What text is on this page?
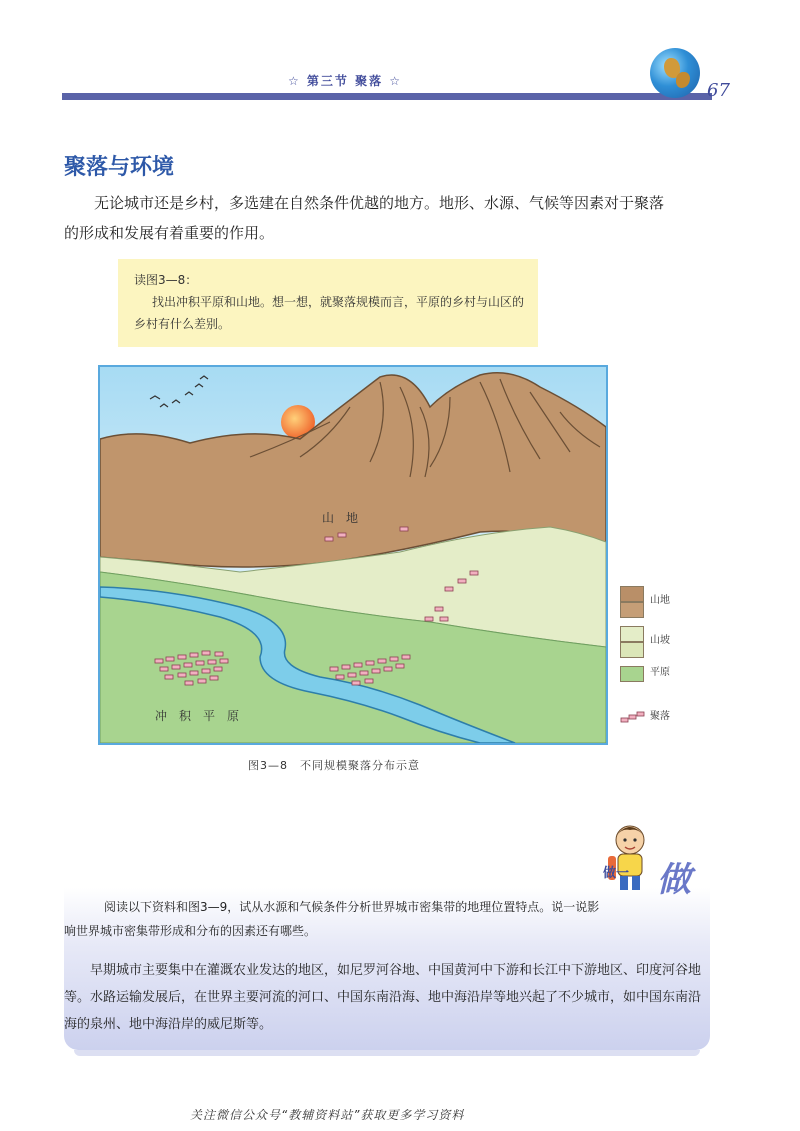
☆ 第三节 聚落 ☆	67
聚落与环境
无论城市还是乡村，多选建在自然条件优越的地方。地形、水源、气候等因素对于聚落的形成和发展有着重要的作用。
读图3—8：
找出冲积平原和山地。想一想，就聚落规模而言，平原的乡村与山区的乡村有什么差别。
山　地
冲　积　平　原
山地
山坡
平原
聚落
图3—8　不同规模聚落分布示意
做一 做
阅读以下资料和图3—9，试从水源和气候条件分析世界城市密集带的地理位置特点。说一说影响世界城市密集带形成和分布的因素还有哪些。
早期城市主要集中在灌溉农业发达的地区，如尼罗河谷地、中国黄河中下游和长江中下游地区、印度河谷地等。水路运输发展后，在世界主要河流的河口、中国东南沿海、地中海沿岸等地兴起了不少城市，如中国东南沿海的泉州、地中海沿岸的威尼斯等。
关注微信公众号“教辅资料站”获取更多学习资料
